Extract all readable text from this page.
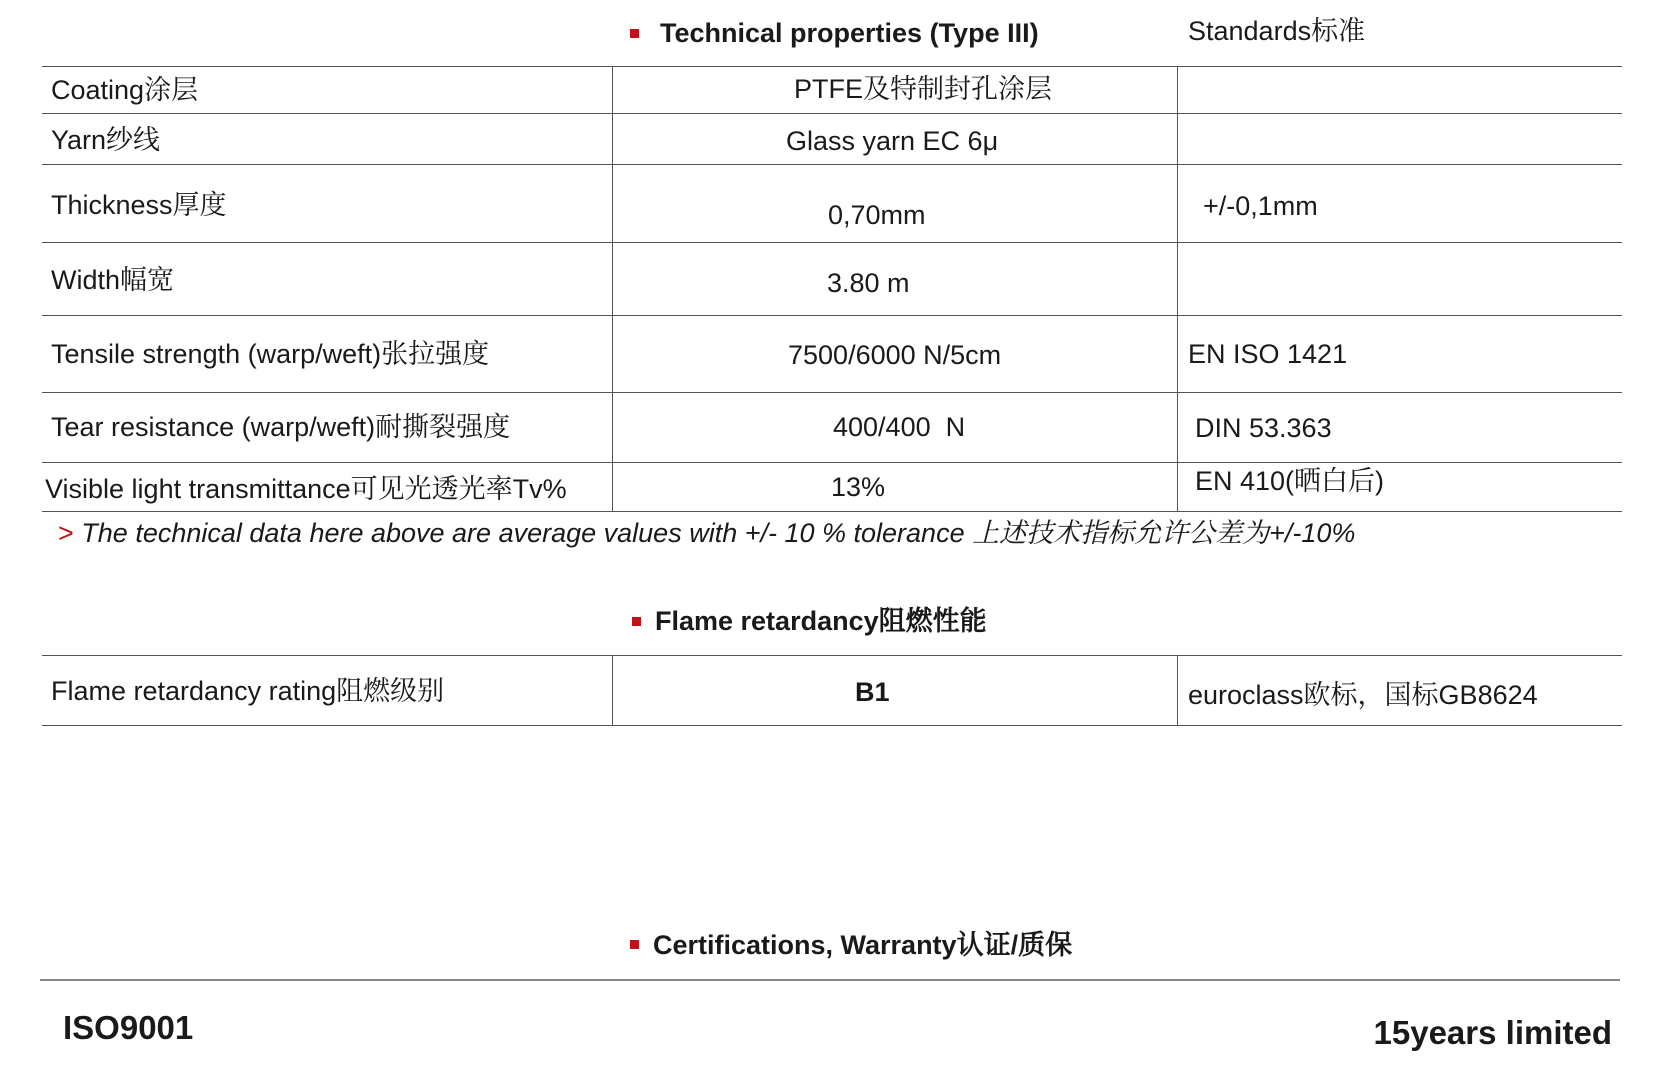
Technical properties (Type III)	Standards标准
Coating涂层	PTFE及特制封孔涂层
Yarn纱线	Glass yarn EC 6μ
Thickness厚度	0,70mm	+/-0,1mm
Width幅宽	3.80 m
Tensile strength (warp/weft)张拉强度	7500/6000 N/5cm	EN ISO 1421
Tear resistance (warp/weft)耐撕裂强度	400/400  N	DIN 53.363
Visible light transmittance可见光透光率Tv%	13%	EN 410(晒白后)
> The technical data here above are average values with +/- 10 % tolerance 上述技术指标允许公差为+/-10%
Flame retardancy阻燃性能
Flame retardancy rating阻燃级别	B1	euroclass欧标，国标GB8624
Certifications, Warranty认证/质保
ISO9001	15years limited
